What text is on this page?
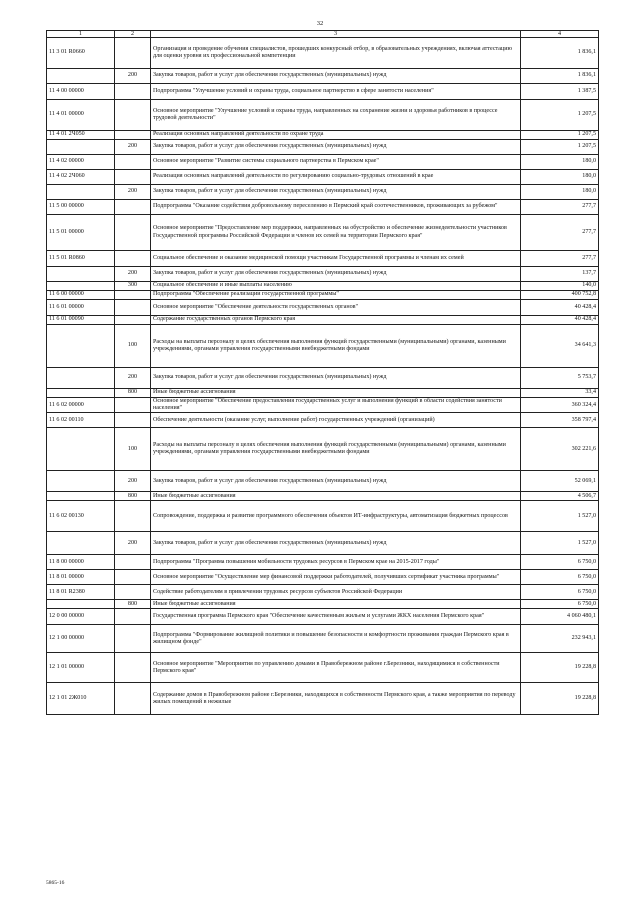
32
1	2	3	4
11 3 01 R0660		Организация и проведение обучения специалистов, прошедших конкурсный отбор, в образовательных учреждениях, включая аттестацию для оценки уровня их профессиональной компетенции	1 836,1
	200	Закупка товаров, работ и услуг для обеспечения государственных (муниципальных) нужд	1 836,1
11 4 00 00000		Подпрограмма "Улучшение условий и охраны труда, социальное партнерство в сфере занятости населения"	1 387,5
11 4 01 00000		Основное мероприятие "Улучшение условий и охраны труда, направленных на сохранение жизни и здоровья работников в процессе трудовой деятельности"	1 207,5
11 4 01 2Ч050		Реализация основных направлений деятельности по охране труда	1 207,5
	200	Закупка товаров, работ и услуг для обеспечения государственных (муниципальных) нужд	1 207,5
11 4 02 00000		Основное мероприятие "Развитие системы социального партнерства в Пермском крае"	180,0
11 4 02 2Ч060		Реализация основных направлений деятельности по регулированию социально-трудовых отношений в крае	180,0
	200	Закупка товаров, работ и услуг для обеспечения государственных (муниципальных) нужд	180,0
11 5 00 00000		Подпрограмма "Оказание содействия добровольному переселению в Пермский край соотечественников, проживающих за рубежом"	277,7
11 5 01 00000		Основное мероприятие "Предоставление мер поддержки, направленных на обустройство и обеспечение жизнедеятельности участников Государственной программы Российской Федерации и членов их семей на территории Пермского края"	277,7
11 5 01 R0860		Социальное обеспечение и оказание медицинской помощи участникам Государственной программы и членам их семей	277,7
	200	Закупка товаров, работ и услуг для обеспечения государственных (муниципальных) нужд	137,7
	300	Социальное обеспечение и иные выплаты населению	140,0
11 6 00 00000		Подпрограмма "Обеспечение реализации государственной программы"	400 752,8
11 6 01 00000		Основное мероприятие "Обеспечение деятельности государственных органов"	40 428,4
11 6 01 00090		Содержание государственных органов Пермского края	40 428,4
	100	Расходы на выплаты персоналу в целях обеспечения выполнения функций государственными (муниципальными) органами, казенными учреждениями, органами управления государственными внебюджетными фондами	34 641,3
	200	Закупка товаров, работ и услуг для обеспечения государственных (муниципальных) нужд	5 753,7
	800	Иные бюджетные ассигнования	33,4
11 6 02 00000		Основное мероприятие "Обеспечение предоставления государственных услуг и выполнения функций в области содействия занятости населения"	360 324,4
11 6 02 00110		Обеспечение деятельности (оказание услуг, выполнение работ) государственных учреждений (организаций)	358 797,4
	100	Расходы на выплаты персоналу в целях обеспечения выполнения функций государственными (муниципальными) органами, казенными учреждениями, органами управления государственными внебюджетными фондами	302 221,6
	200	Закупка товаров, работ и услуг для обеспечения государственных (муниципальных) нужд	52 069,1
	800	Иные бюджетные ассигнования	4 506,7
11 6 02 00130		Сопровождение, поддержка и развитие программного обеспечения объектов ИТ-инфраструктуры, автоматизация бюджетных процессов	1 527,0
	200	Закупка товаров, работ и услуг для обеспечения государственных (муниципальных) нужд	1 527,0
11 8 00 00000		Подпрограмма "Программа повышения мобильности трудовых ресурсов в Пермском крае на 2015-2017 годы"	6 750,0
11 8 01 00000		Основное мероприятие "Осуществление мер финансовой поддержки работодателей, получивших сертификат участника программы"	6 750,0
11 8 01 R2380		Содействие работодателям в привлечении трудовых ресурсов субъектов Российской Федерации	6 750,0
	800	Иные бюджетные ассигнования	6 750,0
12 0 00 00000		Государственная программа Пермского края "Обеспечение качественным жильем и услугами ЖКХ населения Пермского края"	4 060 480,1
12 1 00 00000		Подпрограмма "Формирование жилищной политики и повышение безопасности и комфортности проживания граждан Пермского края в жилищном фонде"	232 943,1
12 1 01 00000		Основное мероприятие "Мероприятия по управлению домами в Правобережном районе г.Березники, находящимися в собственности Пермского края"	19 228,8
12 1 01 2Ж010		Содержание домов в Правобережном районе г.Березники, находящихся в собственности Пермского края, а также мероприятия по переводу жилых помещений в нежилые	19 228,8
5865-16
